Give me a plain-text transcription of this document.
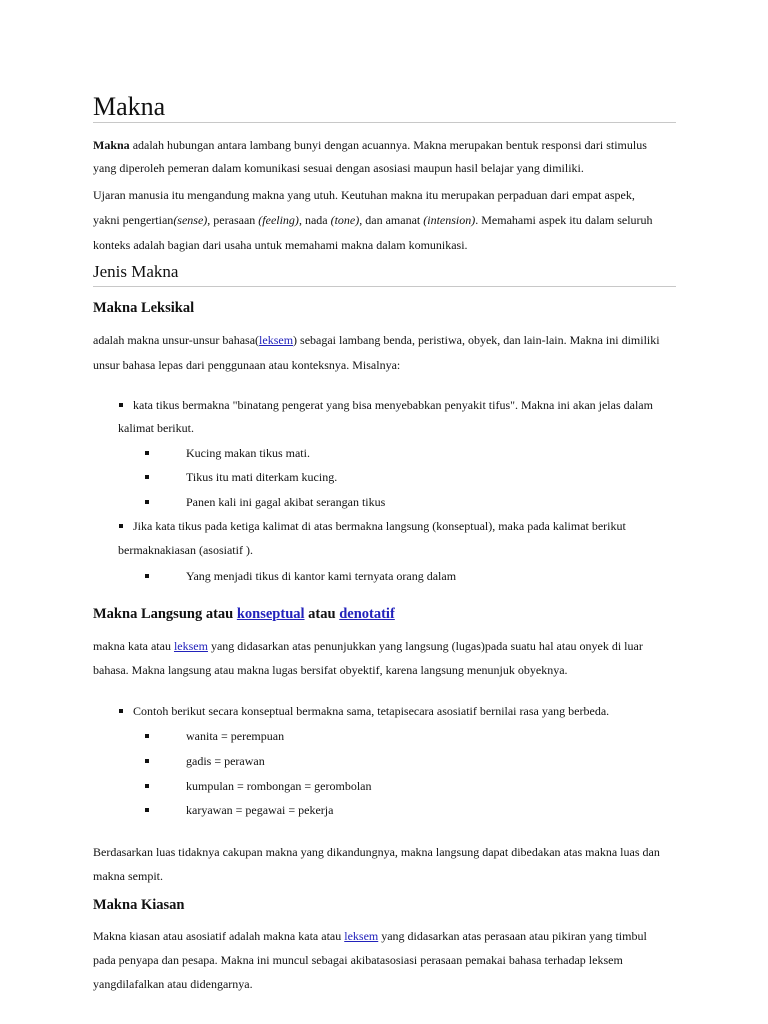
Makna
Makna adalah hubungan antara lambang bunyi dengan acuannya. Makna merupakan bentuk responsi dari stimulus
yang diperoleh pemeran dalam komunikasi sesuai dengan asosiasi maupun hasil belajar yang dimiliki.
Ujaran manusia itu mengandung makna yang utuh. Keutuhan makna itu merupakan perpaduan dari empat aspek,
yakni pengertian(sense), perasaan (feeling), nada (tone), dan amanat (intension). Memahami aspek itu dalam seluruh
konteks adalah bagian dari usaha untuk memahami makna dalam komunikasi.
Jenis Makna
Makna Leksikal
adalah makna unsur-unsur bahasa(leksem) sebagai lambang benda, peristiwa, obyek, dan lain-lain. Makna ini dimiliki
unsur bahasa lepas dari penggunaan atau konteksnya. Misalnya:
kata tikus bermakna "binatang pengerat yang bisa menyebabkan penyakit tifus". Makna ini akan jelas dalam
kalimat berikut.
Kucing makan tikus mati.
Tikus itu mati diterkam kucing.
Panen kali ini gagal akibat serangan tikus
Jika kata tikus pada ketiga kalimat di atas bermakna langsung (konseptual), maka pada kalimat berikut
bermaknakiasan (asosiatif ).
Yang menjadi tikus di kantor kami ternyata orang dalam
Makna Langsung atau konseptual atau denotatif
makna kata atau leksem yang didasarkan atas penunjukkan yang langsung (lugas)pada suatu hal atau onyek di luar
bahasa. Makna langsung atau makna lugas bersifat obyektif, karena langsung menunjuk obyeknya.
Contoh berikut secara konseptual bermakna sama, tetapisecara asosiatif bernilai rasa yang berbeda.
wanita = perempuan
gadis = perawan
kumpulan = rombongan = gerombolan
karyawan = pegawai = pekerja
Berdasarkan luas tidaknya cakupan makna yang dikandungnya, makna langsung dapat dibedakan atas makna luas dan
makna sempit.
Makna Kiasan
Makna kiasan atau asosiatif adalah makna kata atau leksem yang didasarkan atas perasaan atau pikiran yang timbul
pada penyapa dan pesapa. Makna ini muncul sebagai akibatasosiasi perasaan pemakai bahasa terhadap leksem
yangdilafalkan atau didengarnya.
